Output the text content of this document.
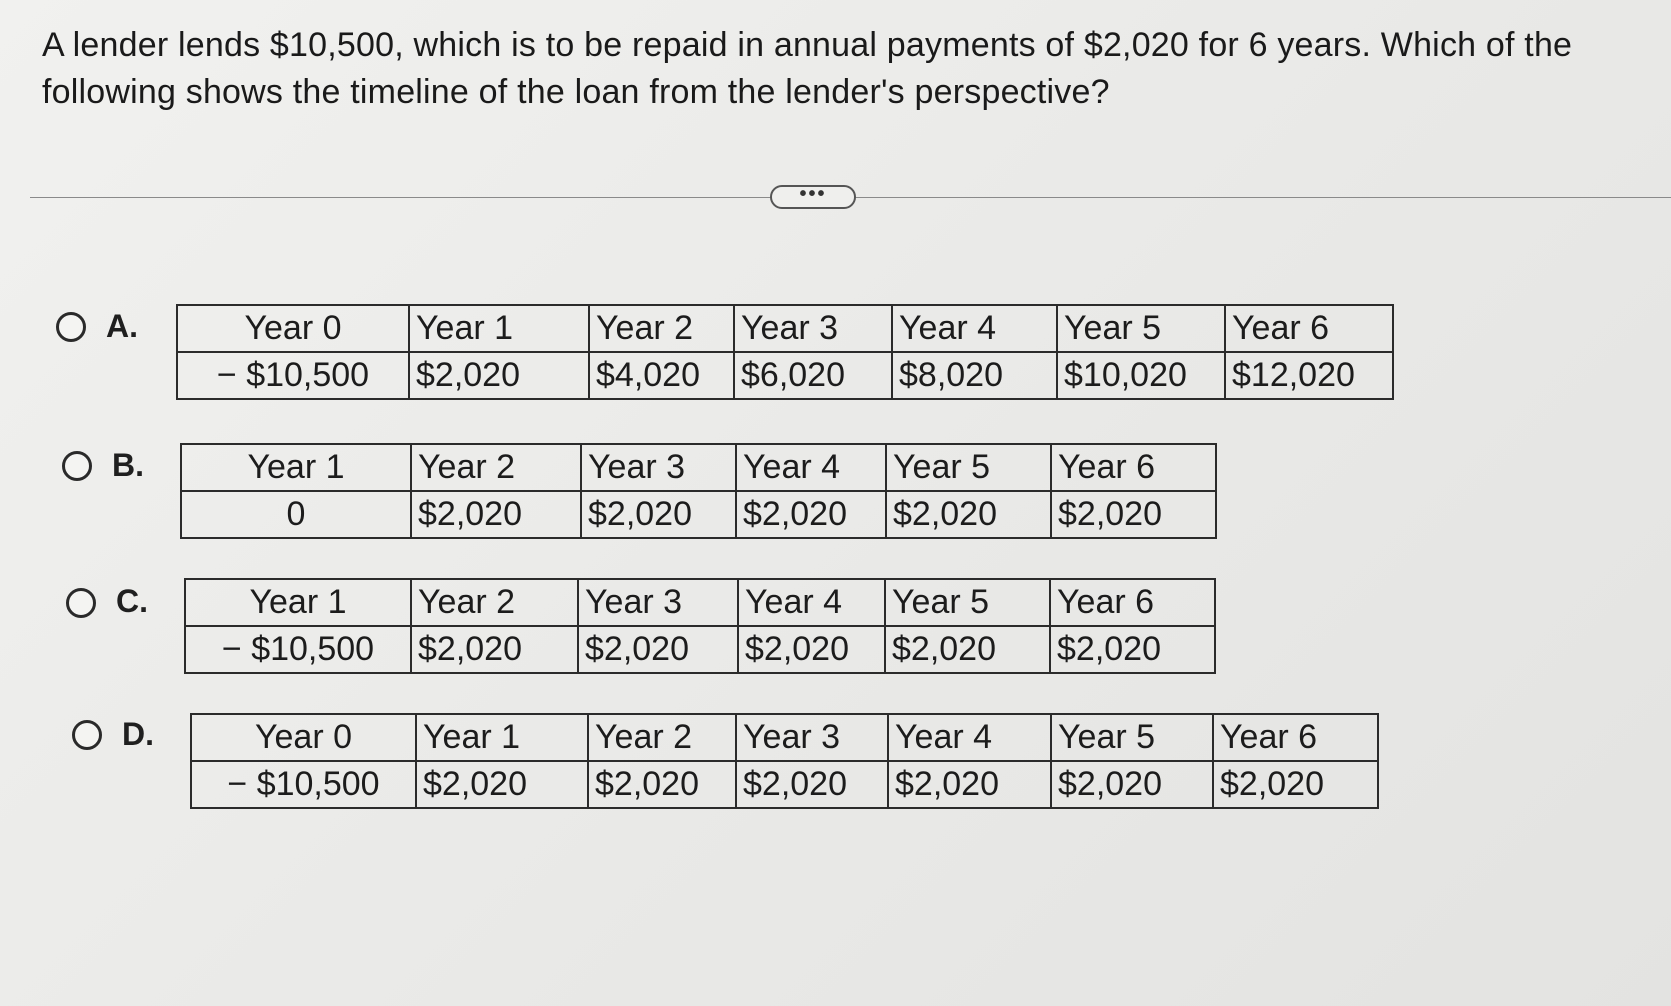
A lender lends $10,500, which is to be repaid in annual payments of $2,020 for 6 years. Which of the
following shows the timeline of the loan from the lender's perspective?
•••
A.	Year 0	Year 1	Year 2	Year 3	Year 4	Year 5	Year 6
− $10,500	$2,020	$4,020	$6,020	$8,020	$10,020	$12,020
B.	Year 1	Year 2	Year 3	Year 4	Year 5	Year 6
0	$2,020	$2,020	$2,020	$2,020	$2,020
C.	Year 1	Year 2	Year 3	Year 4	Year 5	Year 6
− $10,500	$2,020	$2,020	$2,020	$2,020	$2,020
D.	Year 0	Year 1	Year 2	Year 3	Year 4	Year 5	Year 6
− $10,500	$2,020	$2,020	$2,020	$2,020	$2,020	$2,020
